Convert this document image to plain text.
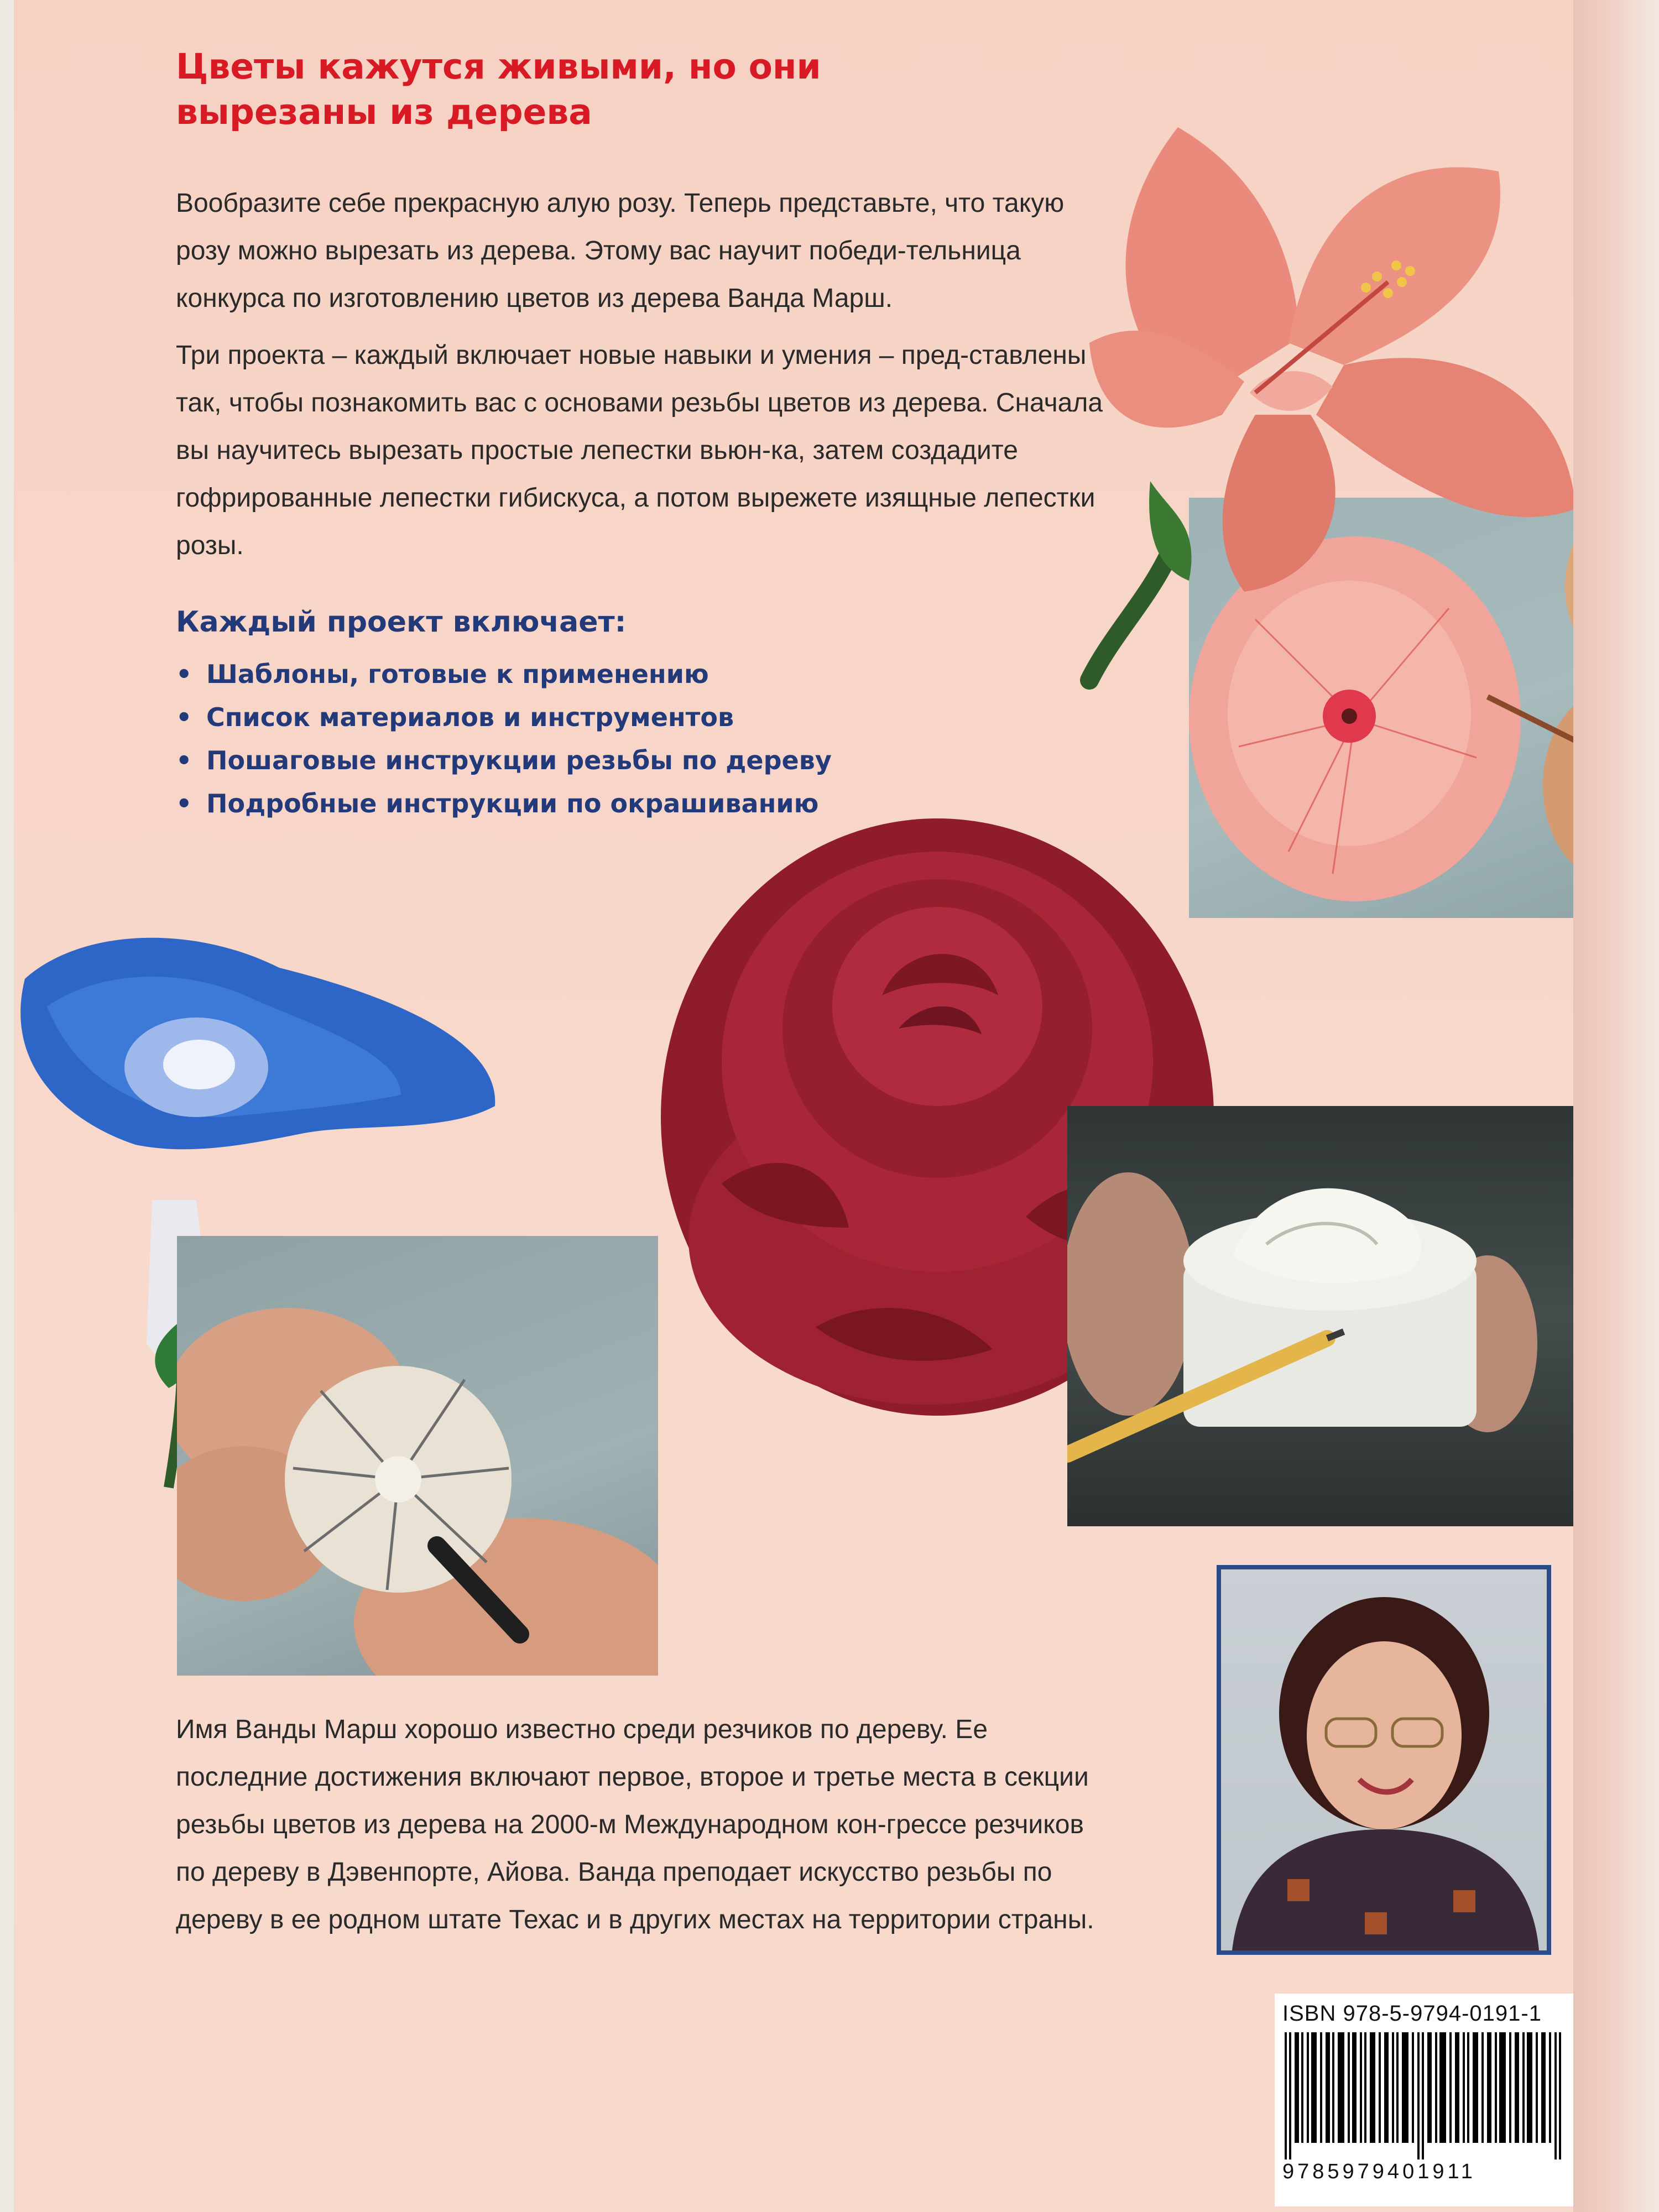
Цветы кажутся живыми, но они
вырезаны из дерева

Вообразите себе прекрасную алую розу. Теперь представьте, что такую розу можно вырезать из дерева. Этому вас научит победи-тельница конкурса по изготовлению цветов из дерева Ванда Марш.

Три проекта – каждый включает новые навыки и умения – пред-ставлены так, чтобы познакомить вас с основами резьбы цветов из дерева. Сначала вы научитесь вырезать простые лепестки вьюн-ка, затем создадите гофрированные лепестки гибискуса, а потом вырежете изящные лепестки розы.

Каждый проект включает:
• Шаблоны, готовые к применению
• Список материалов и инструментов
• Пошаговые инструкции резьбы по дереву
• Подробные инструкции по окрашиванию

Имя Ванды Марш хорошо известно среди резчиков по дереву. Ее последние достижения включают первое, второе и третье места в секции резьбы цветов из дерева на 2000-м Международном кон-грессе резчиков по дереву в Дэвенпорте, Айова. Ванда преподает искусство резьбы по дереву в ее родном штате Техас и в других местах на территории страны.

ISBN 978-5-9794-0191-1
9785979401911
